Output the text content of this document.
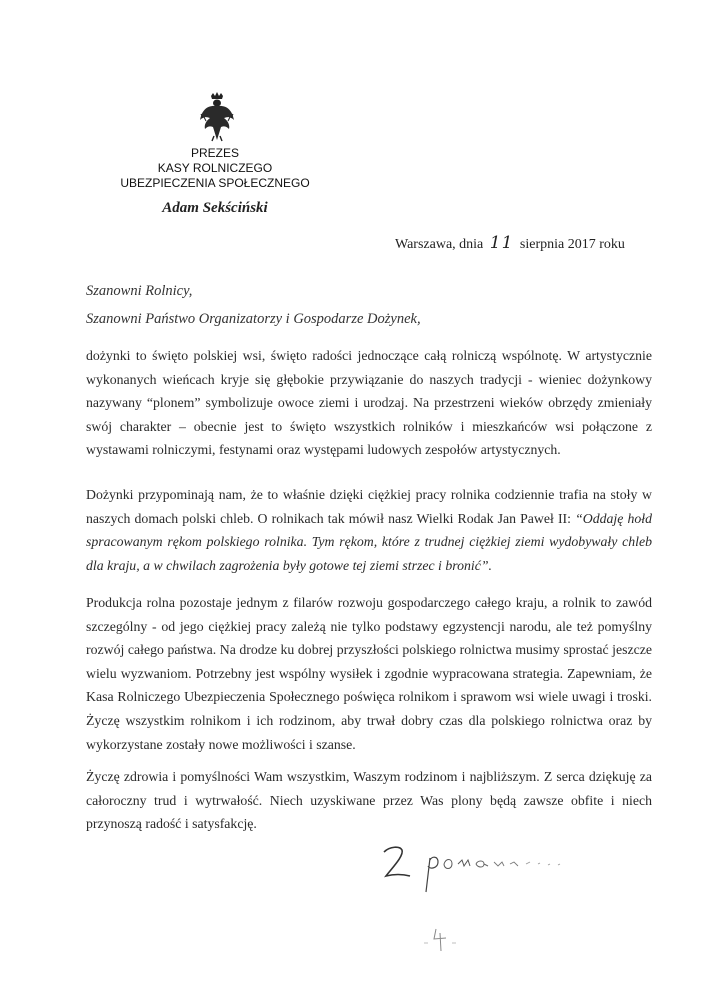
PREZES
KASY ROLNICZEGO
UBEZPIECZENIA SPOŁECZNEGO
Adam Sekściński
Warszawa, dnia 11 sierpnia 2017 roku
Szanowni Rolnicy,
Szanowni Państwo Organizatorzy i Gospodarze Dożynek,
dożynki to święto polskiej wsi, święto radości jednoczące całą rolniczą wspólnotę. W artystycznie wykonanych wieńcach kryje się głębokie przywiązanie do naszych tradycji - wieniec dożynkowy nazywany “plonem” symbolizuje owoce ziemi i urodzaj. Na przestrzeni wieków obrzędy zmieniały swój charakter – obecnie jest to święto wszystkich rolników i mieszkańców wsi połączone z wystawami rolniczymi, festynami oraz występami ludowych zespołów artystycznych.
Dożynki przypominają nam, że to właśnie dzięki ciężkiej pracy rolnika codziennie trafia na stoły w naszych domach polski chleb. O rolnikach tak mówił nasz Wielki Rodak Jan Paweł II: “Oddaję hołd spracowanym rękom polskiego rolnika. Tym rękom, które z trudnej ciężkiej ziemi wydobywały chleb dla kraju, a w chwilach zagrożenia były gotowe tej ziemi strzec i bronić”.
Produkcja rolna pozostaje jednym z filarów rozwoju gospodarczego całego kraju, a rolnik to zawód szczególny - od jego ciężkiej pracy zależą nie tylko podstawy egzystencji narodu, ale też pomyślny rozwój całego państwa. Na drodze ku dobrej przyszłości polskiego rolnictwa musimy sprostać jeszcze wielu wyzwaniom. Potrzebny jest wspólny wysiłek i zgodnie wypracowana strategia. Zapewniam, że Kasa Rolniczego Ubezpieczenia Społecznego poświęca rolnikom i sprawom wsi wiele uwagi i troski. Życzę wszystkim rolnikom i ich rodzinom, aby trwał dobry czas dla polskiego rolnictwa oraz by wykorzystane zostały nowe możliwości i szanse.
Życzę zdrowia i pomyślności Wam wszystkim, Waszym rodzinom i najbliższym. Z serca dziękuję za całoroczny trud i wytrwałość. Niech uzyskiwane przez Was plony będą zawsze obfite i niech przynoszą radość i satysfakcję.
